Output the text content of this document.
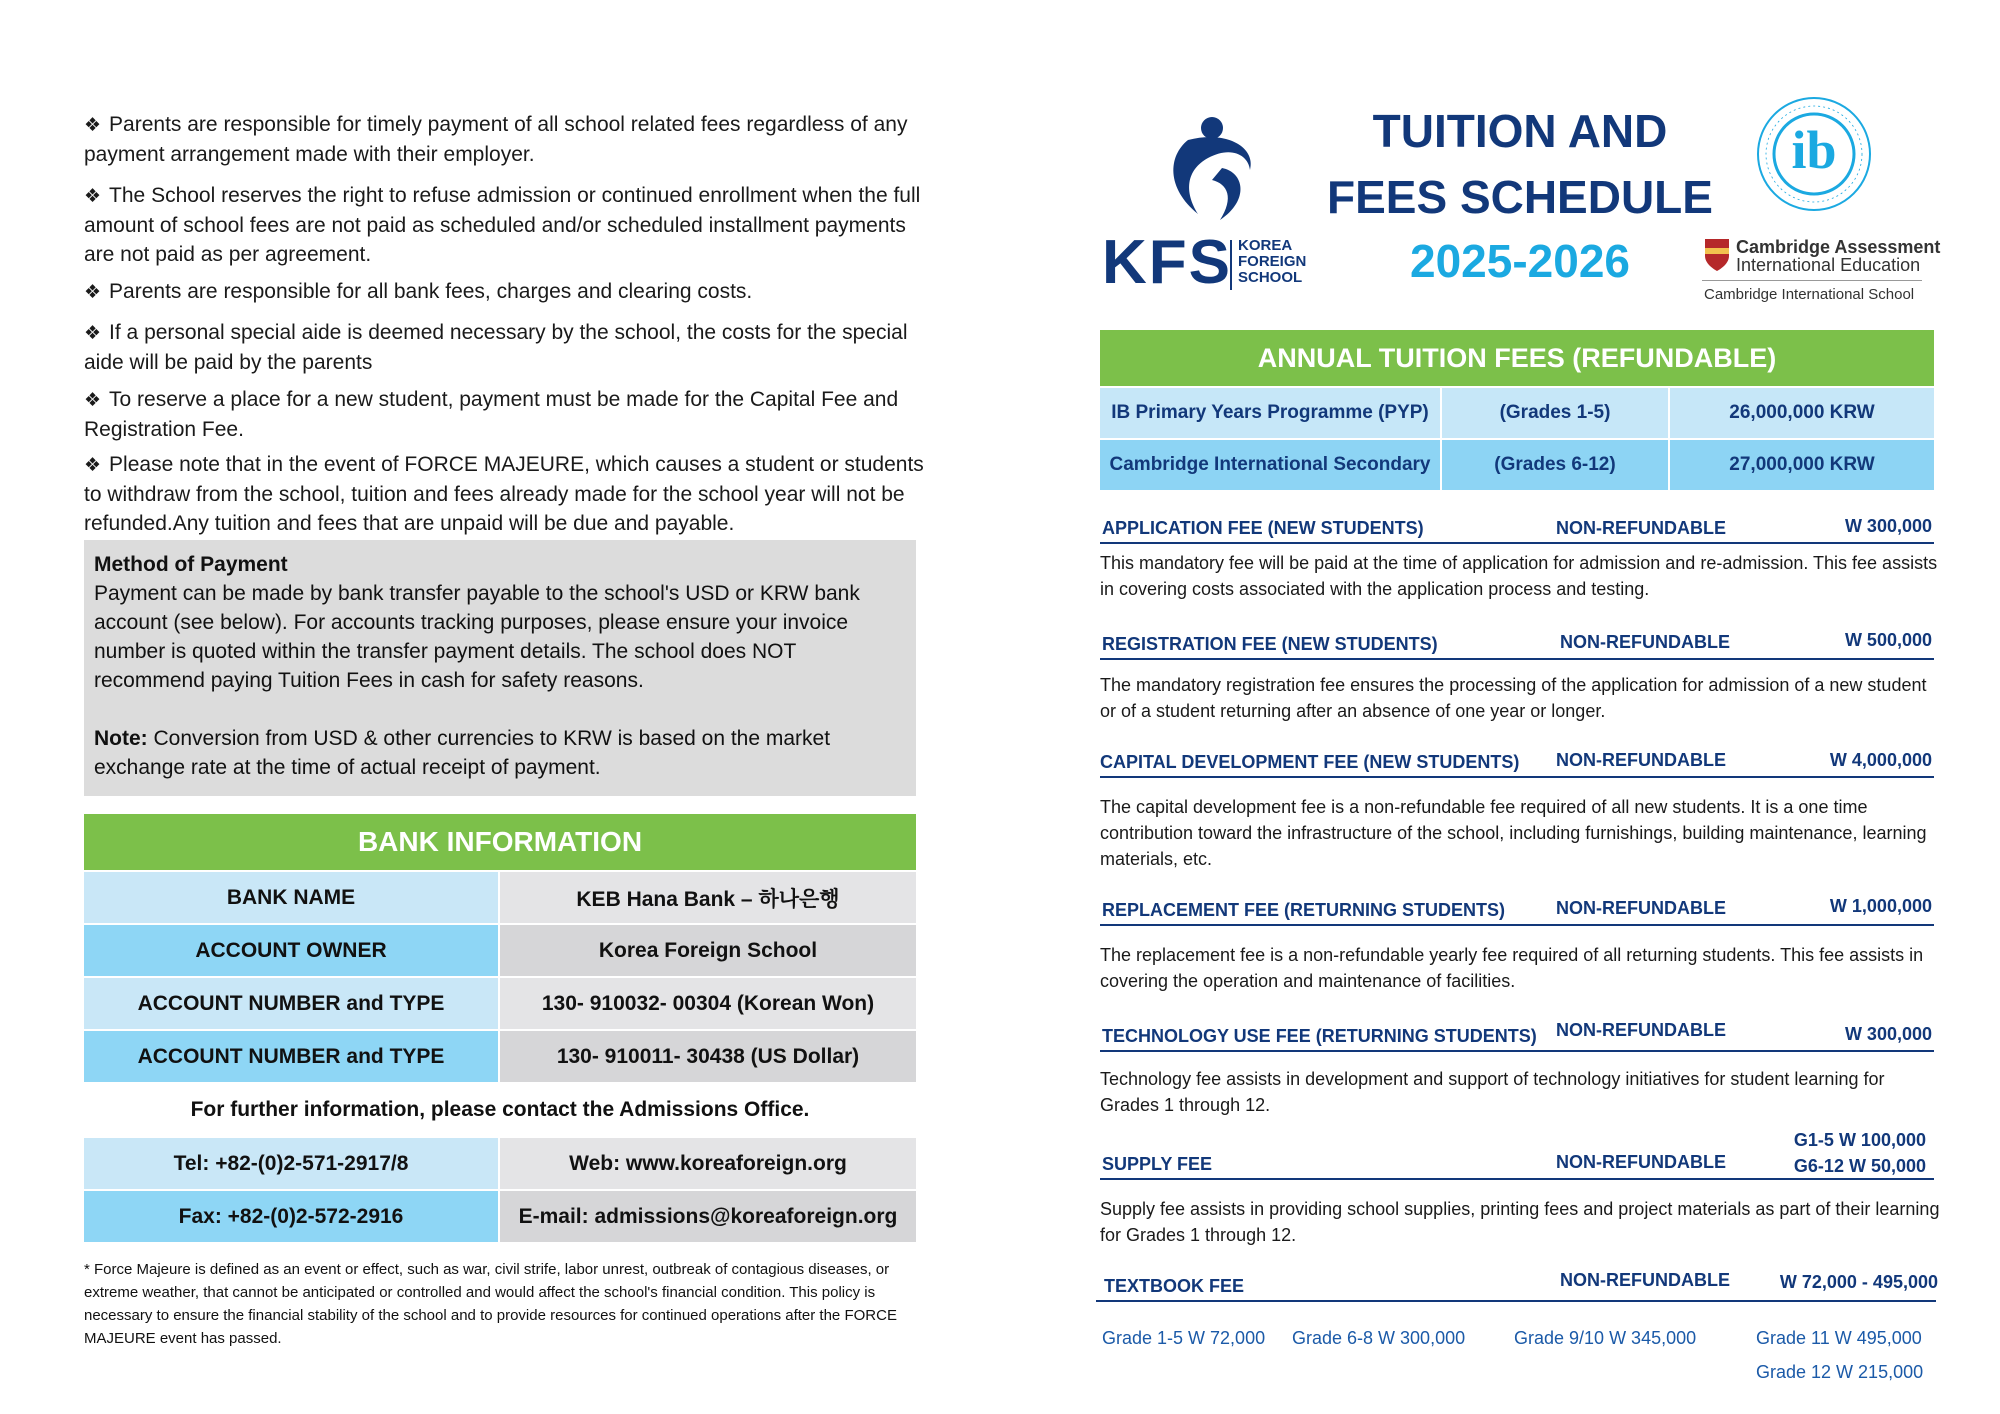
❖ Parents are responsible for timely payment of all school related fees regardless of any payment arrangement made with their employer.
❖ The School reserves the right to refuse admission or continued enrollment when the full amount of school fees are not paid as scheduled and/or scheduled installment payments are not paid as per agreement.
❖ Parents are responsible for all bank fees, charges and clearing costs.
❖ If a personal special aide is deemed necessary by the school, the costs for the special aide will be paid by the parents
❖ To reserve a place for a new student, payment must be made for the Capital Fee and Registration Fee.
❖ Please note that in the event of FORCE MAJEURE, which causes a student or students to withdraw from the school, tuition and fees already made for the school year will not be refunded.Any tuition and fees that are unpaid will be due and payable.
Method of Payment
Payment can be made by bank transfer payable to the school's USD or KRW bank account (see below). For accounts tracking purposes, please ensure your invoice number is quoted within the transfer payment details. The school does NOT recommend paying Tuition Fees in cash for safety reasons.
Note: Conversion from USD & other currencies to KRW is based on the market exchange rate at the time of actual receipt of payment.
BANK INFORMATION
BANK NAME	KEB Hana Bank – 하나은행
ACCOUNT OWNER	Korea Foreign School
ACCOUNT NUMBER and TYPE	130- 910032- 00304 (Korean Won)
ACCOUNT NUMBER and TYPE	130- 910011- 30438 (US Dollar)
For further information, please contact the Admissions Office.
Tel: +82-(0)2-571-2917/8	Web: www.koreaforeign.org
Fax: +82-(0)2-572-2916	E-mail: admissions@koreaforeign.org
* Force Majeure is defined as an event or effect, such as war, civil strife, labor unrest, outbreak of contagious diseases, or extreme weather, that cannot be anticipated or controlled and would affect the school's financial condition. This policy is necessary to ensure the financial stability of the school and to provide resources for continued operations after the FORCE MAJEURE event has passed.
KFS KOREA
FOREIGN
SCHOOL
TUITION AND
FEES SCHEDULE
2025-2026
ib
Cambridge Assessment
International Education
Cambridge International School
ANNUAL TUITION FEES (REFUNDABLE)
IB Primary Years Programme (PYP)	(Grades 1-5)	26,000,000 KRW
Cambridge International Secondary	(Grades 6-12)	27,000,000 KRW
APPLICATION FEE (NEW STUDENTS)	NON-REFUNDABLE	W 300,000
This mandatory fee will be paid at the time of application for admission and re-admission. This fee assists in covering costs associated with the application process and testing.
REGISTRATION FEE (NEW STUDENTS)	NON-REFUNDABLE	W 500,000
The mandatory registration fee ensures the processing of the application for admission of a new student or of a student returning after an absence of one year or longer.
CAPITAL DEVELOPMENT FEE (NEW STUDENTS) NON-REFUNDABLE	W 4,000,000
The capital development fee is a non-refundable fee required of all new students. It is a one time contribution toward the infrastructure of the school, including furnishings, building maintenance, learning materials, etc.
REPLACEMENT FEE (RETURNING STUDENTS)	NON-REFUNDABLE	W 1,000,000
The replacement fee is a non-refundable yearly fee required of all returning students. This fee assists in covering the operation and maintenance of facilities.
TECHNOLOGY USE FEE (RETURNING STUDENTS) NON-REFUNDABLE	W 300,000
Technology fee assists in development and support of technology initiatives for student learning for Grades 1 through 12.
SUPPLY FEE	NON-REFUNDABLE
G1-5 W 100,000
G6-12 W 50,000
Supply fee assists in providing school supplies, printing fees and project materials as part of their learning for Grades 1 through 12.
TEXTBOOK FEE	NON-REFUNDABLE	W 72,000 - 495,000
Grade 1-5 W 72,000 Grade 6-8 W 300,000	Grade 9/10 W 345,000	Grade 11 W 495,000
Grade 12 W 215,000
